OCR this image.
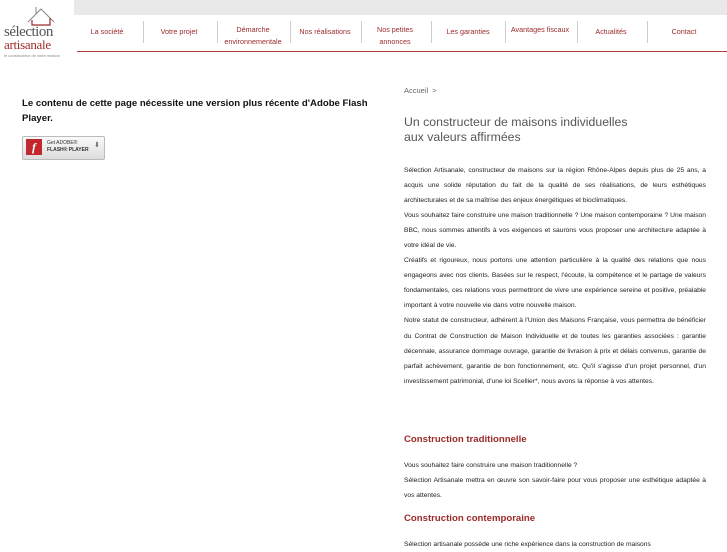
sélection
artisanale
le constructeur de votre maison
La société	Votre projet	Démarche environnementale
Nos réalisations	Nos petites annonces
Les garanties	Avantages fiscaux	Actualités	Contact
Le contenu de cette page nécessite une version plus récente d'Adobe Flash Player.
f	Get ADOBE®
FLASH® PLAYER
⬇
Accueil >
Un constructeur de maisons individuelles
aux valeurs affirmées

Sélection Artisanale, constructeur de maisons sur la région Rhône-Alpes depuis plus de 25 ans, a acquis une solide réputation du fait de la qualité de ses réalisations, de leurs esthétiques architecturales et de sa maîtrise des enjeux énergétiques et bioclimatiques.

Vous souhaitez faire construire une maison traditionnelle ? Une maison contemporaine ? Une maison BBC, nous sommes attentifs à vos exigences et saurons vous proposer une architecture adaptée à votre idéal de vie.

Créatifs et rigoureux, nous portons une attention particulière à la qualité des relations que nous engageons avec nos clients. Basées sur le respect, l'écoute, la compétence et le partage de valeurs fondamentales, ces relations vous permettront de vivre une expérience sereine et positive, préalable important à votre nouvelle vie dans votre nouvelle maison.

Notre statut de constructeur, adhérent à l'Union des Maisons Française, vous permettra de bénéficier du Contrat de Construction de Maison Individuelle et de toutes les garanties associées : garantie décennale, assurance dommage ouvrage, garantie de livraison à prix et délais convenus, garantie de parfait achèvement, garantie de bon fonctionnement, etc. Qu'il s'agisse d'un projet personnel, d'un investissement patrimonial, d'une loi Scellier*, nous avons la réponse à vos attentes.

Construction traditionnelle
Vous souhaitez faire construire une maison traditionnelle ?
Sélection Artisanale mettra en œuvre son savoir-faire pour vous proposer une esthétique adaptée à vos attentes.
Construction contemporaine
Sélection artisanale possède une riche expérience dans la construction de maisons
